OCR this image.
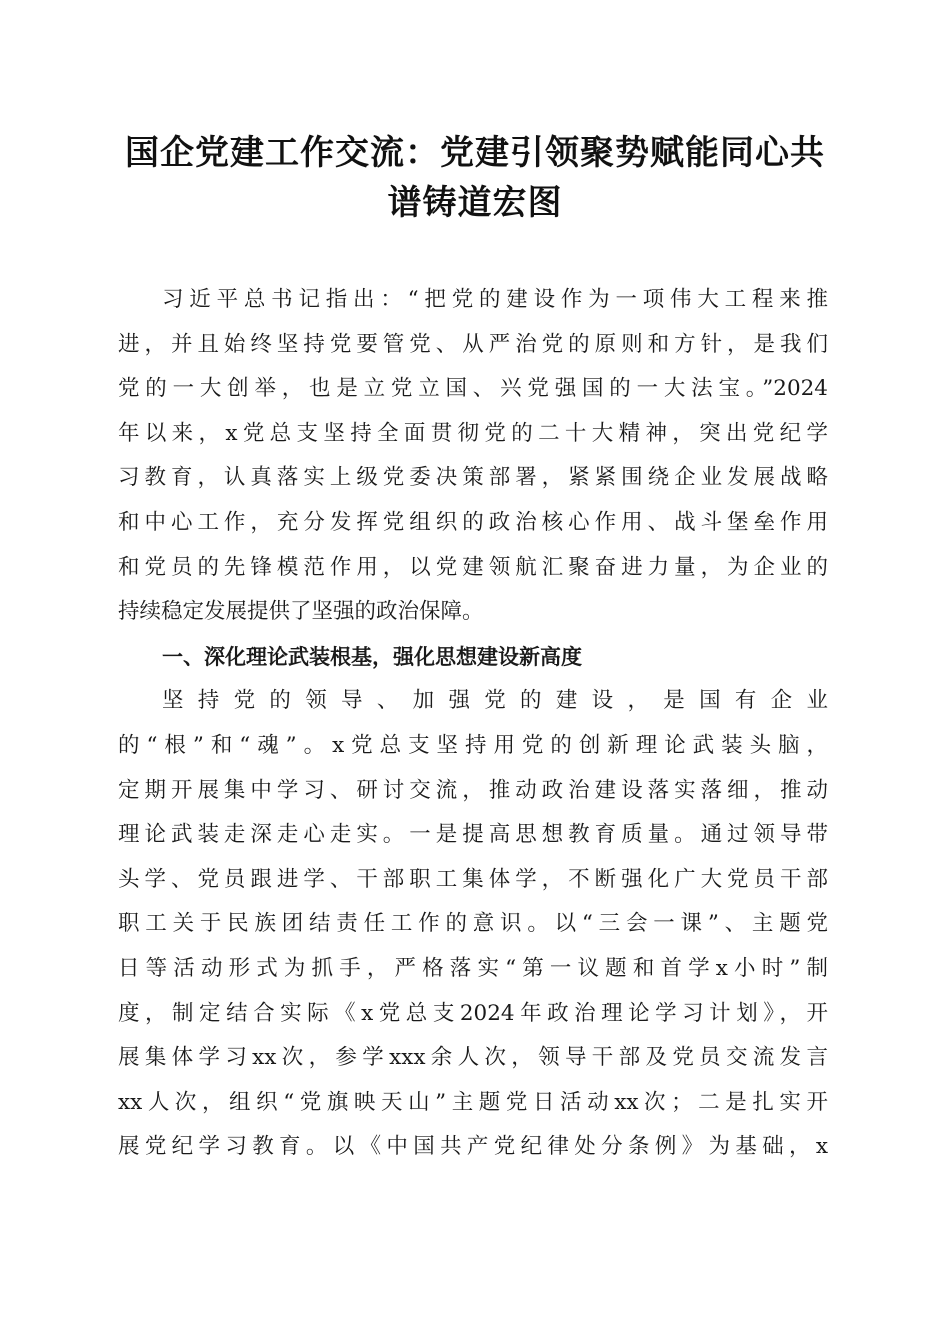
国企党建工作交流：党建引领聚势赋能同心共
谱铸道宏图
习近平总书记指出：“把党的建设作为一项伟大工程来推
进，并且始终坚持党要管党、从严治党的原则和方针，是我们
党的一大创举，也是立党立国、兴党强国的一大法宝。”2024
年以来，x党总支坚持全面贯彻党的二十大精神，突出党纪学
习教育，认真落实上级党委决策部署，紧紧围绕企业发展战略
和中心工作，充分发挥党组织的政治核心作用、战斗堡垒作用
和党员的先锋模范作用，以党建领航汇聚奋进力量，为企业的
持续稳定发展提供了坚强的政治保障。
一、深化理论武装根基，强化思想建设新高度
坚持党的领导、加强党的建设，是国有企业
的“根”和“魂”。x党总支坚持用党的创新理论武装头脑，
定期开展集中学习、研讨交流，推动政治建设落实落细，推动
理论武装走深走心走实。一是提高思想教育质量。通过领导带
头学、党员跟进学、干部职工集体学，不断强化广大党员干部
职工关于民族团结责任工作的意识。以“三会一课”、主题党
日等活动形式为抓手，严格落实“第一议题和首学x小时”制
度，制定结合实际《x党总支2024年政治理论学习计划》，开
展集体学习xx次，参学xxx余人次，领导干部及党员交流发言
xx人次，组织“党旗映天山”主题党日活动xx次；二是扎实开
展党纪学习教育。以《中国共产党纪律处分条例》为基础，x
